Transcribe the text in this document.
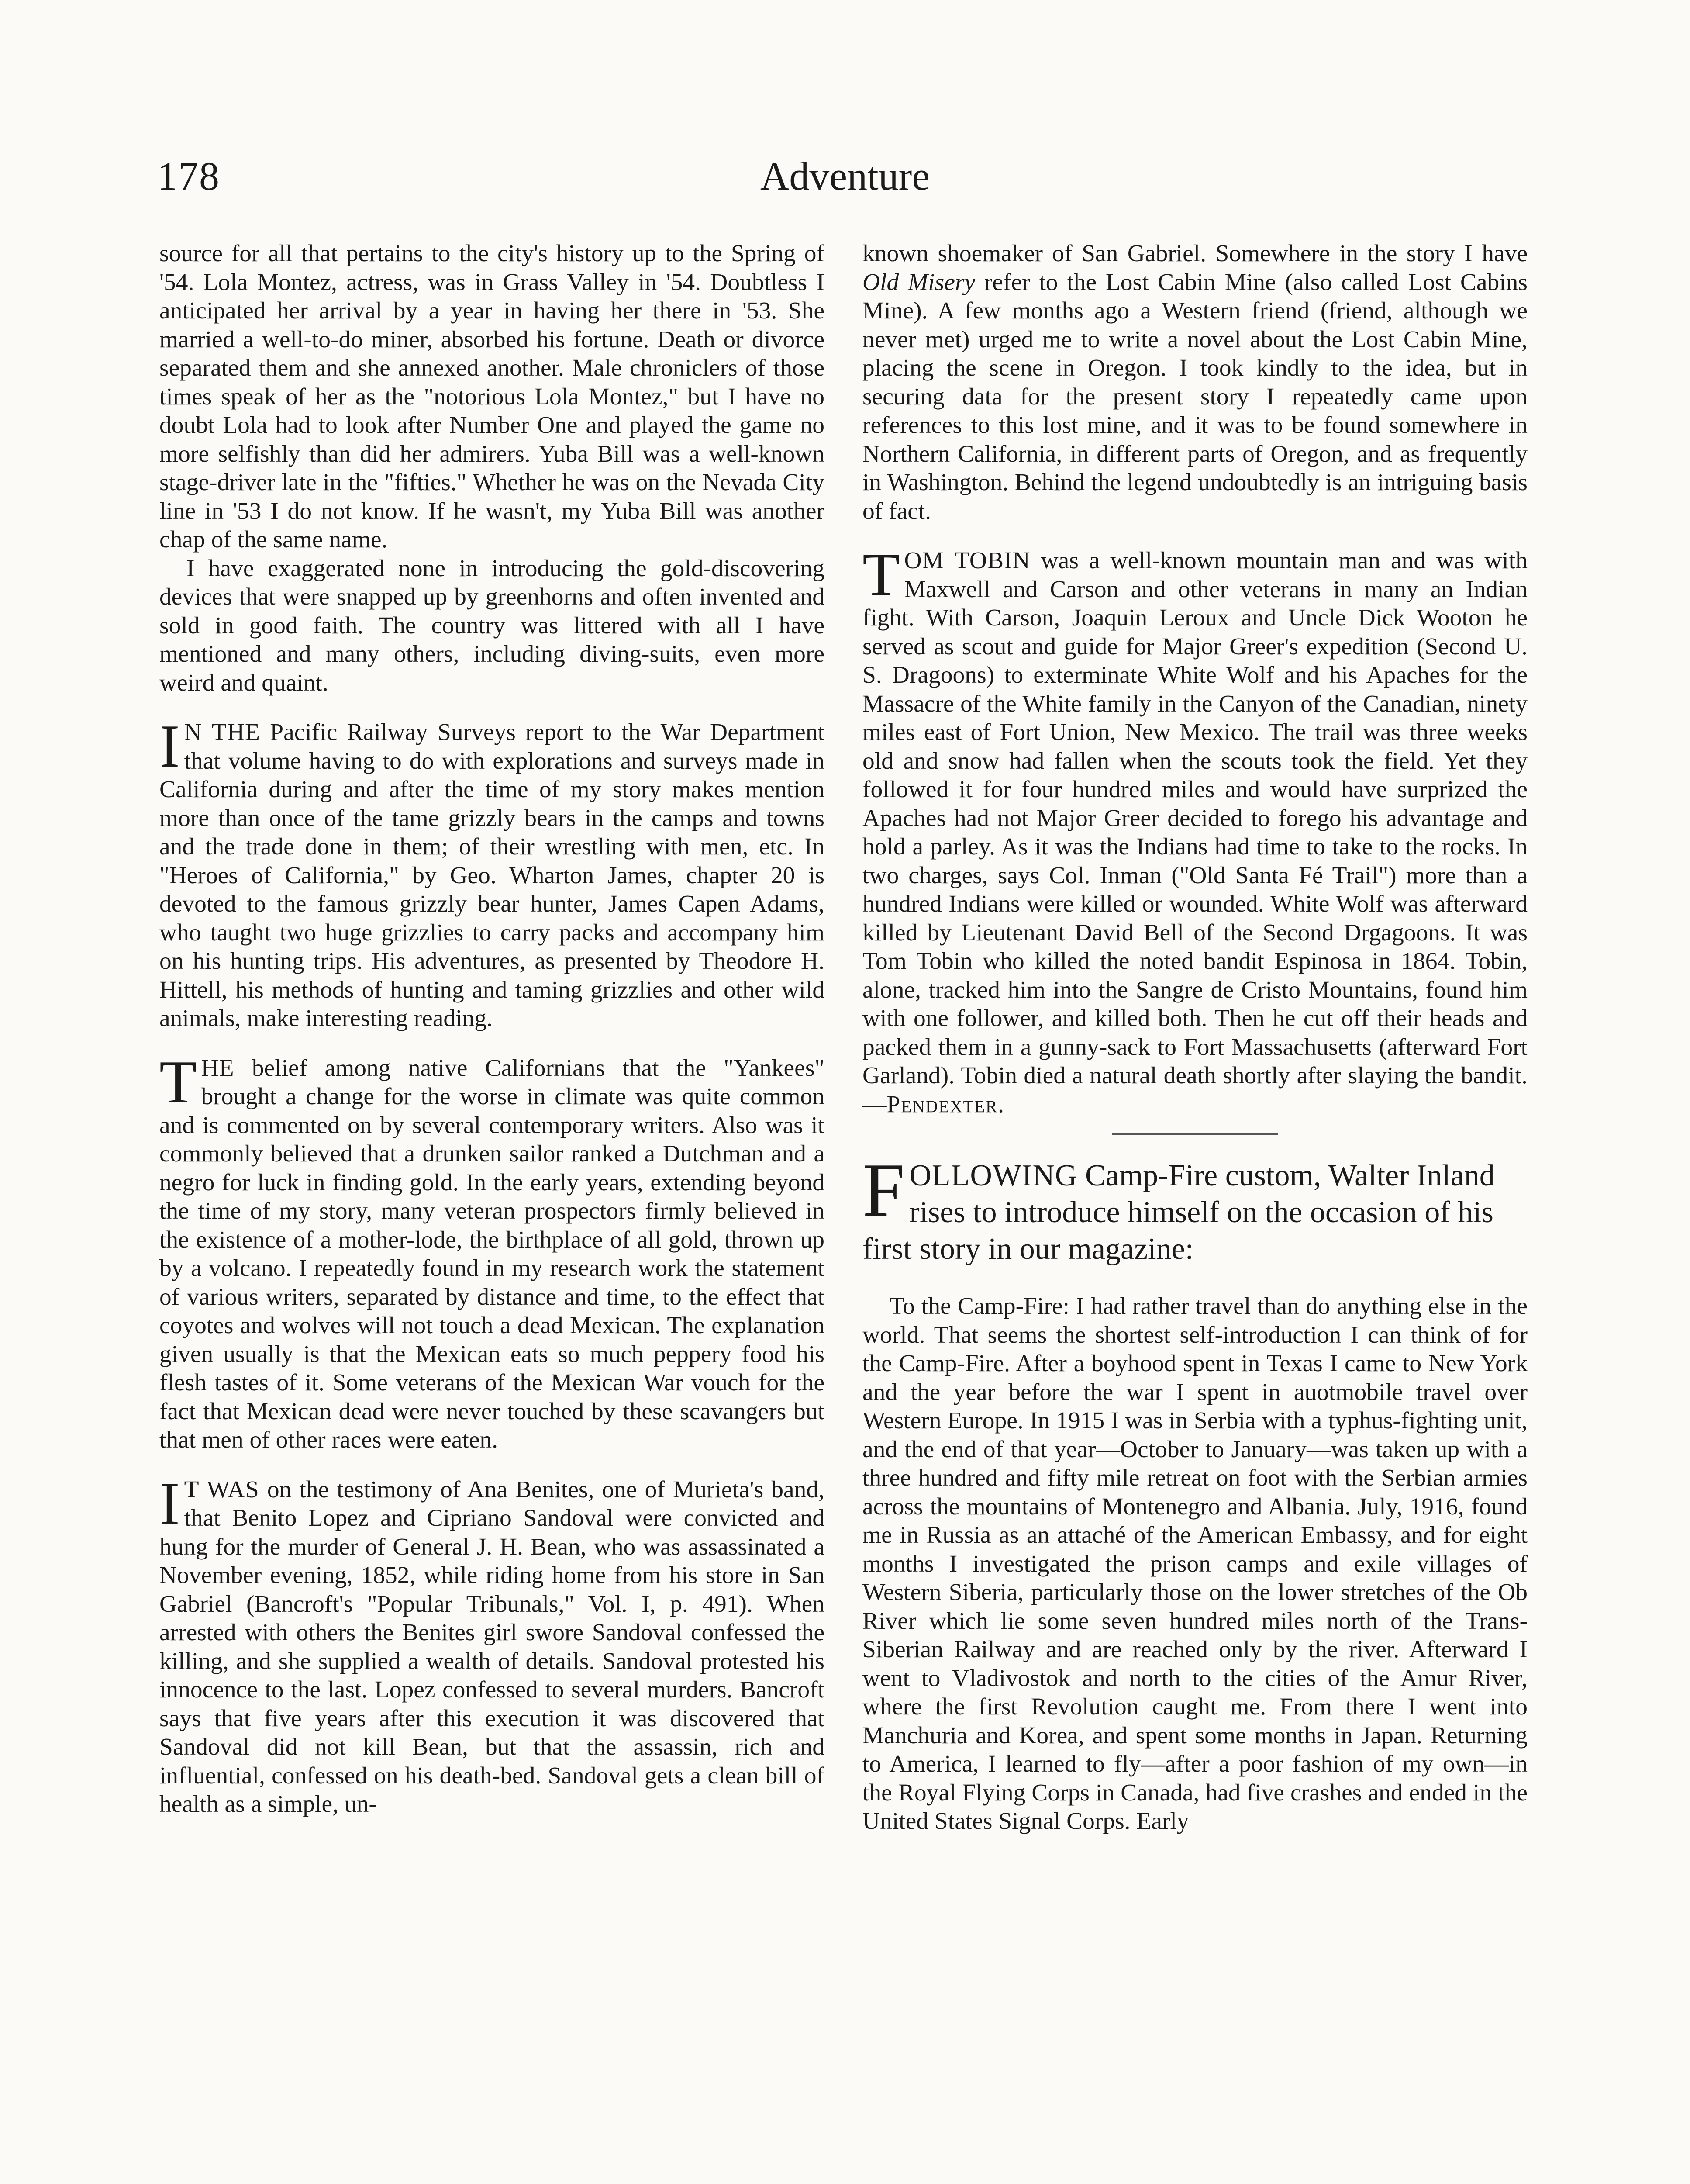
178	Adventure

source for all that pertains to the city's history up to the Spring of '54. Lola Montez, actress, was in Grass Valley in '54. Doubtless I anticipated her arrival by a year in having her there in '53. She married a well-to-do miner, absorbed his fortune. Death or divorce separated them and she annexed another. Male chroniclers of those times speak of her as the "notorious Lola Montez," but I have no doubt Lola had to look after Number One and played the game no more selfishly than did her admirers. Yuba Bill was a well-known stage-driver late in the "fifties." Whether he was on the Nevada City line in '53 I do not know. If he wasn't, my Yuba Bill was another chap of the same name.

I have exaggerated none in introducing the gold-discovering devices that were snapped up by greenhorns and often invented and sold in good faith. The country was littered with all I have mentioned and many others, including diving-suits, even more weird and quaint.

I N THE Pacific Railway Surveys report to the War Department that volume having to do with explorations and surveys made in California during and after the time of my story makes mention more than once of the tame grizzly bears in the camps and towns and the trade done in them; of their wrestling with men, etc. In "Heroes of California," by Geo. Wharton James, chapter 20 is devoted to the famous grizzly bear hunter, James Capen Adams, who taught two huge grizzlies to carry packs and accompany him on his hunting trips. His adventures, as presented by Theodore H. Hittell, his methods of hunting and taming grizzlies and other wild animals, make interesting reading.

THE belief among native Californians that the "Yankees" brought a change for the worse in climate was quite common and is commented on by several contemporary writers. Also was it commonly believed that a drunken sailor ranked a Dutchman and a negro for luck in finding gold. In the early years, extending beyond the time of my story, many veteran prospectors firmly believed in the existence of a mother-lode, the birthplace of all gold, thrown up by a volcano. I repeatedly found in my research work the statement of various writers, separated by distance and time, to the effect that coyotes and wolves will not touch a dead Mexican. The explanation given usually is that the Mexican eats so much peppery food his flesh tastes of it. Some veterans of the Mexican War vouch for the fact that Mexican dead were never touched by these scavangers but that men of other races were eaten.

I T WAS on the testimony of Ana Benites, one of Murieta's band, that Benito Lopez and Cipriano Sandoval were convicted and hung for the murder of General J. H. Bean, who was assassinated a November evening, 1852, while riding home from his store in San Gabriel (Bancroft's "Popular Tribunals," Vol. I, p. 491). When arrested with others the Benites girl swore Sandoval confessed the killing, and she supplied a wealth of details. Sandoval protested his innocence to the last. Lopez confessed to several murders. Bancroft says that five years after this execution it was discovered that Sandoval did not kill Bean, but that the assassin, rich and influential, confessed on his death-bed. Sandoval gets a clean bill of health as a simple, un-

known shoemaker of San Gabriel. Somewhere in the story I have Old Misery refer to the Lost Cabin Mine (also called Lost Cabins Mine). A few months ago a Western friend (friend, although we never met) urged me to write a novel about the Lost Cabin Mine, placing the scene in Oregon. I took kindly to the idea, but in securing data for the present story I repeatedly came upon references to this lost mine, and it was to be found somewhere in Northern California, in different parts of Oregon, and as frequently in Washington. Behind the legend undoubtedly is an intriguing basis of fact.

TOM TOBIN was a well-known mountain man and was with Maxwell and Carson and other veterans in many an Indian fight. With Carson, Joaquin Leroux and Uncle Dick Wooton he served as scout and guide for Major Greer's expedition (Second U. S. Dragoons) to exterminate White Wolf and his Apaches for the Massacre of the White family in the Canyon of the Canadian, ninety miles east of Fort Union, New Mexico. The trail was three weeks old and snow had fallen when the scouts took the field. Yet they followed it for four hundred miles and would have surprized the Apaches had not Major Greer decided to forego his advantage and hold a parley. As it was the Indians had time to take to the rocks. In two charges, says Col. Inman ("Old Santa Fé Trail") more than a hundred Indians were killed or wounded. White Wolf was afterward killed by Lieutenant David Bell of the Second Drgagoons. It was Tom Tobin who killed the noted bandit Espinosa in 1864. Tobin, alone, tracked him into the Sangre de Cristo Mountains, found him with one follower, and killed both. Then he cut off their heads and packed them in a gunny-sack to Fort Massachusetts (afterward Fort Garland). Tobin died a natural death shortly after slaying the bandit.—Pendexter.

FOLLOWING Camp-Fire custom, Walter Inland rises to introduce himself on the occasion of his first story in our magazine:

To the Camp-Fire: I had rather travel than do anything else in the world. That seems the shortest self-introduction I can think of for the Camp-Fire. After a boyhood spent in Texas I came to New York and the year before the war I spent in auotmobile travel over Western Europe. In 1915 I was in Serbia with a typhus-fighting unit, and the end of that year—October to January—was taken up with a three hundred and fifty mile retreat on foot with the Serbian armies across the mountains of Montenegro and Albania. July, 1916, found me in Russia as an attaché of the American Embassy, and for eight months I investigated the prison camps and exile villages of Western Siberia, particularly those on the lower stretches of the Ob River which lie some seven hundred miles north of the Trans-Siberian Railway and are reached only by the river. Afterward I went to Vladivostok and north to the cities of the Amur River, where the first Revolution caught me. From there I went into Manchuria and Korea, and spent some months in Japan. Returning to America, I learned to fly—after a poor fashion of my own—in the Royal Flying Corps in Canada, had five crashes and ended in the United States Signal Corps. Early
